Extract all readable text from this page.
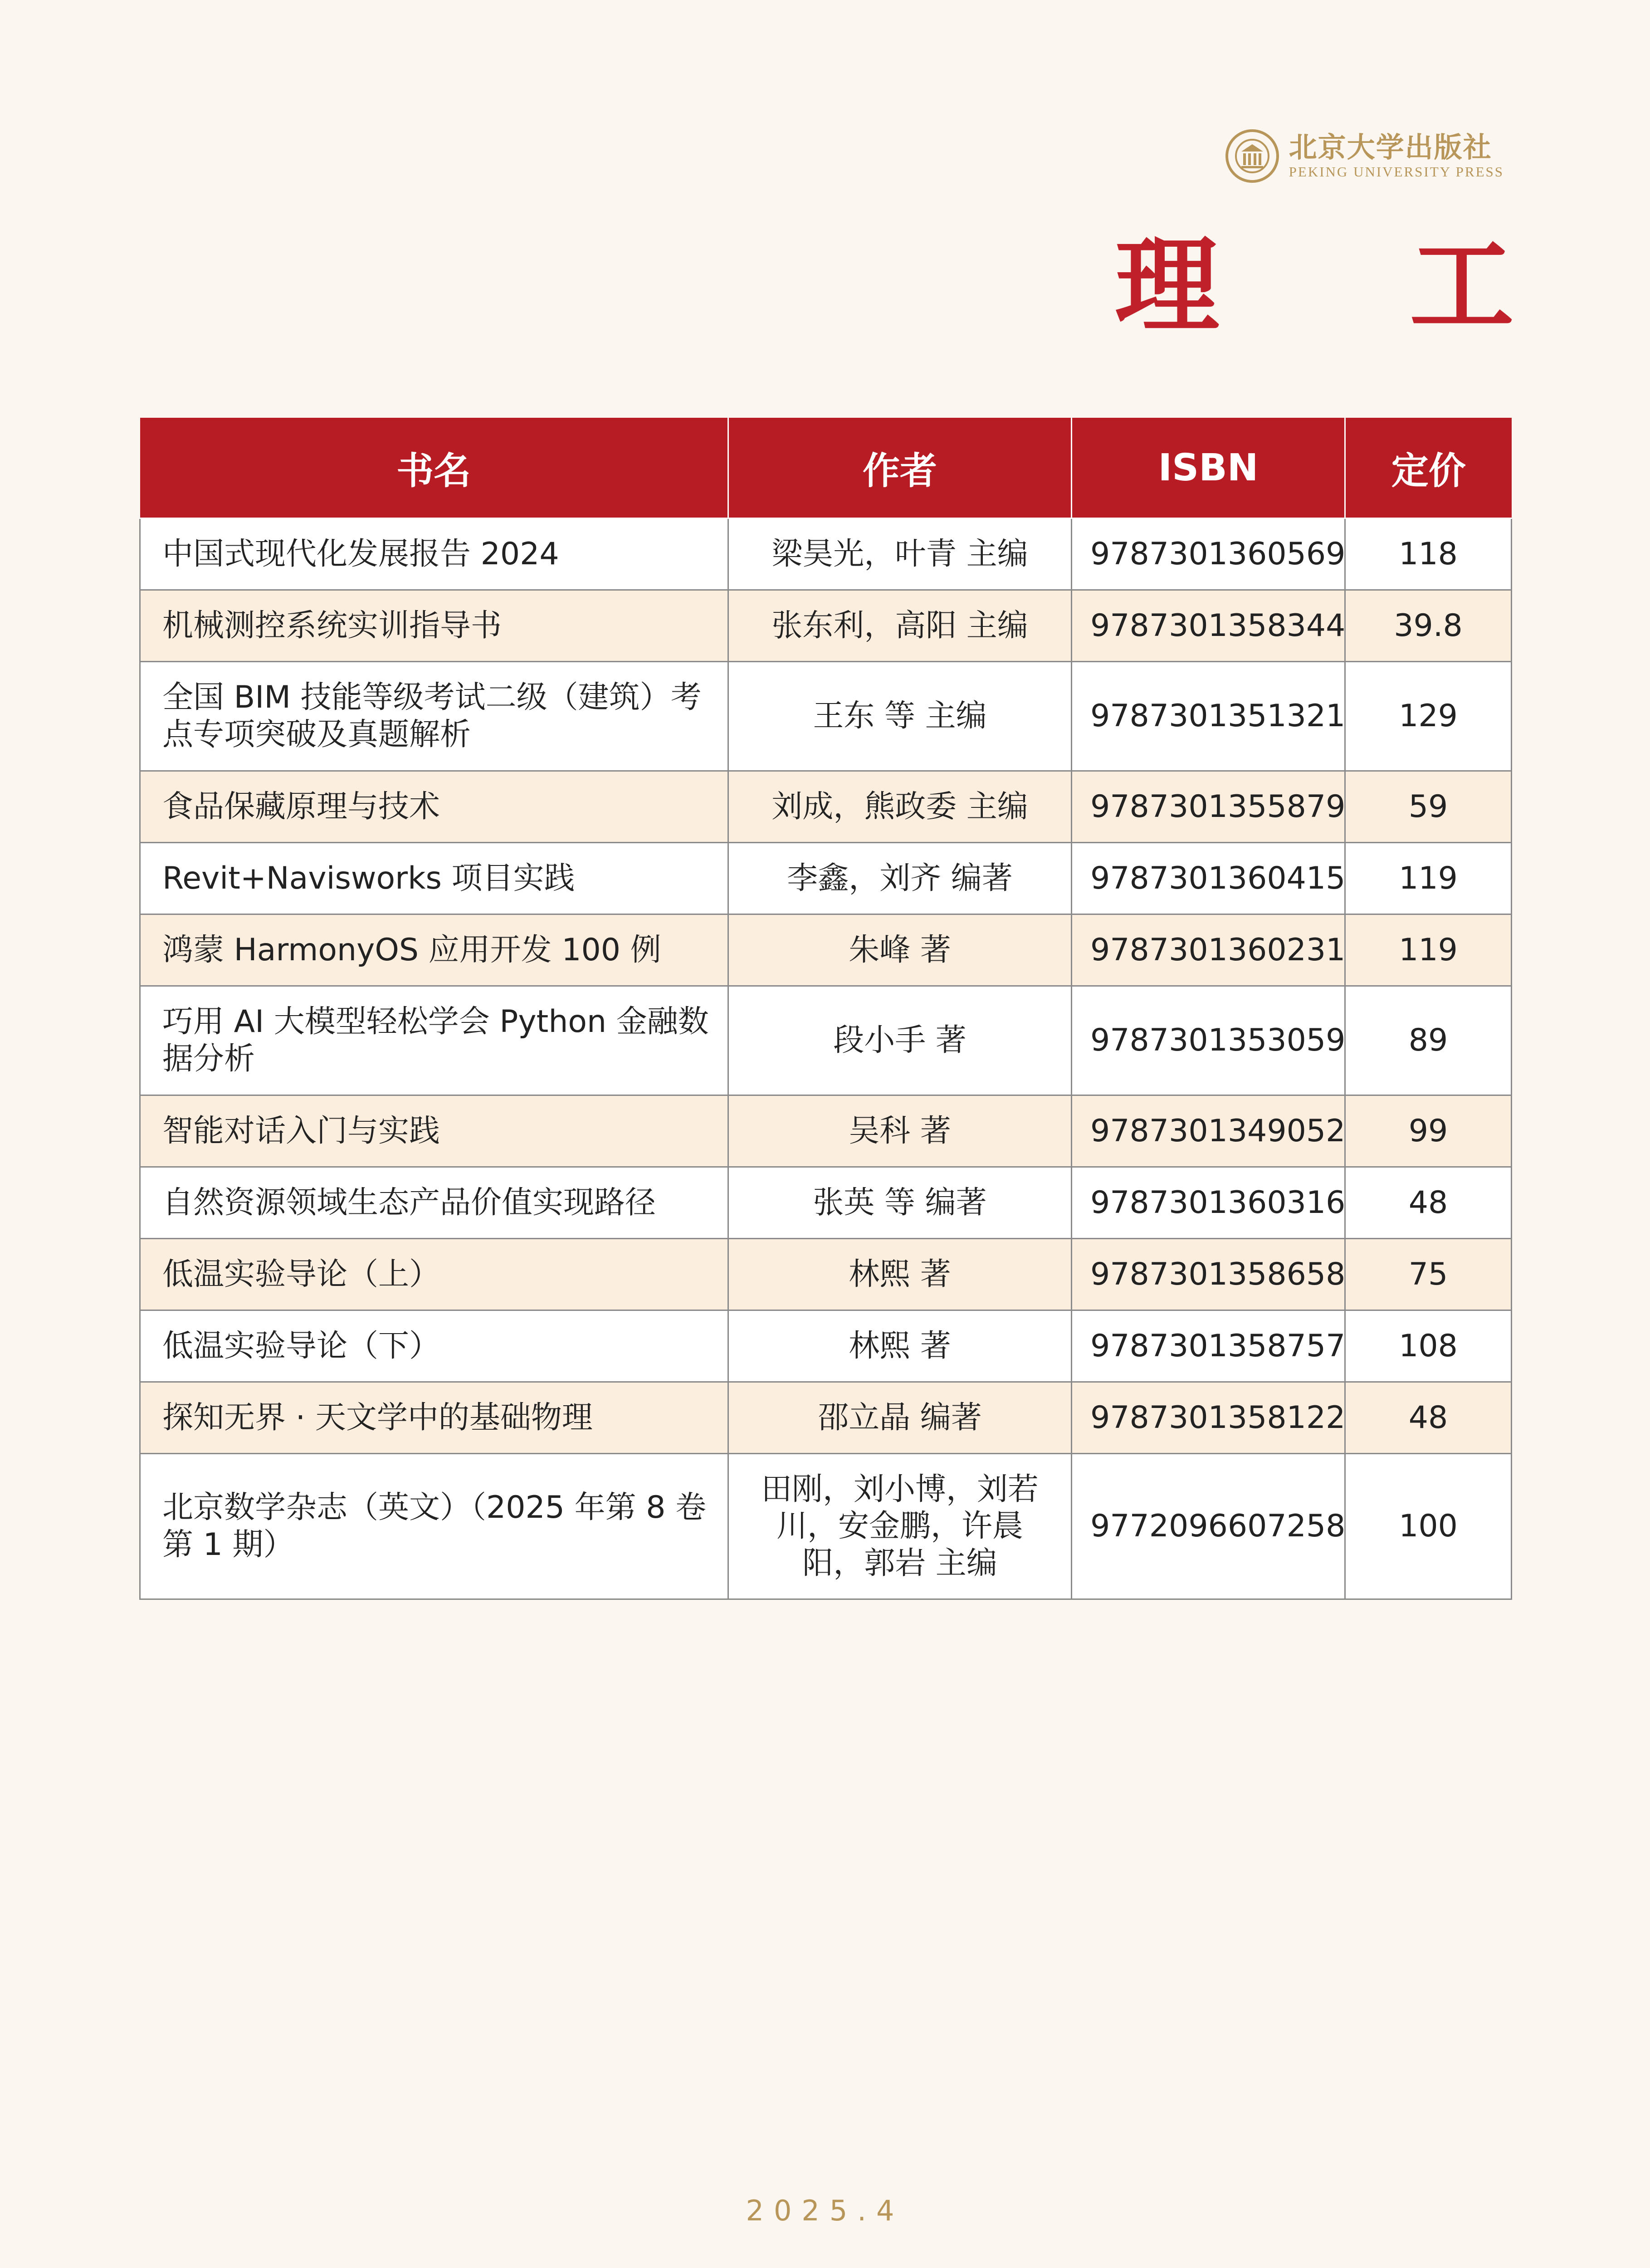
北京大学出版社
PEKING UNIVERSITY PRESS
理 工
书名	作者	ISBN	定价
中国式现代化发展报告 2024	梁昊光，叶青 主编	9787301360569	118
机械测控系统实训指导书	张东利，高阳 主编	9787301358344	39.8
全国 BIM 技能等级考试二级（建筑）考点专项突破及真题解析	王东 等 主编	9787301351321	129
食品保藏原理与技术	刘成，熊政委 主编	9787301355879	59
Revit+Navisworks 项目实践	李鑫，刘齐 编著	9787301360415	119
鸿蒙 HarmonyOS 应用开发 100 例	朱峰 著	9787301360231	119
巧用 AI 大模型轻松学会 Python 金融数据分析	段小手 著	9787301353059	89
智能对话入门与实践	吴科 著	9787301349052	99
自然资源领域生态产品价值实现路径	张英 等 编著	9787301360316	48
低温实验导论（上）	林熙 著	9787301358658	75
低温实验导论（下）	林熙 著	9787301358757	108
探知无界 · 天文学中的基础物理	邵立晶 编著	9787301358122	48
北京数学杂志（英文）（2025 年第 8 卷第 1 期）	田刚，刘小博，刘若川，安金鹏，许晨阳，郭岩 主编	9772096607258	100
2025.4
